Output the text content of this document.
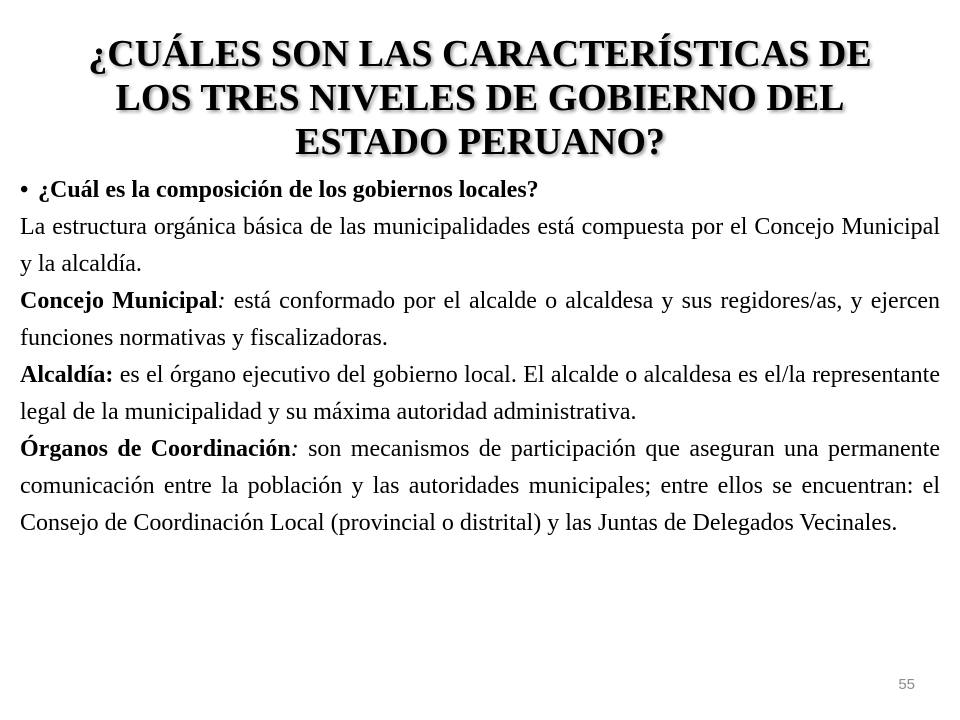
¿CUÁLES SON LAS CARACTERÍSTICAS DE
LOS TRES NIVELES DE GOBIERNO DEL
ESTADO PERUANO?

• ¿Cuál es la composición de los gobiernos locales?

La estructura orgánica básica de las municipalidades está compuesta por el Concejo Municipal y la alcaldía.

Concejo Municipal: está conformado por el alcalde o alcaldesa y sus regidores/as, y ejercen funciones normativas y fiscalizadoras.

Alcaldía: es el órgano ejecutivo del gobierno local. El alcalde o alcaldesa es el/la representante legal de la municipalidad y su máxima autoridad administrativa.

Órganos de Coordinación: son mecanismos de participación que aseguran una permanente comunicación entre la población y las autoridades municipales; entre ellos se encuentran: el Consejo de Coordinación Local (provincial o distrital) y las Juntas de Delegados Vecinales.

55
